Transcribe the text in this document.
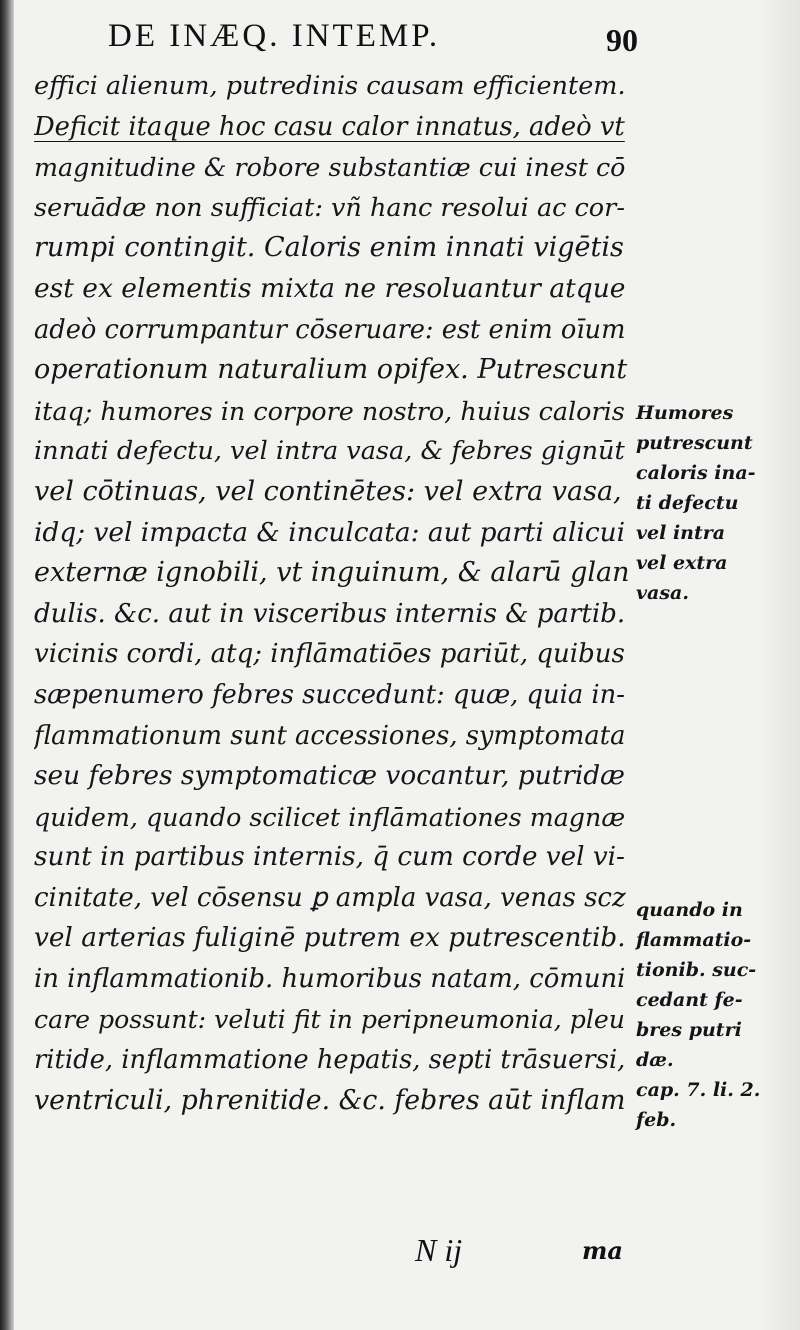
DE INÆQ. INTEMP.	90
effici alienum, putredinis causam efficientem.
Deficit itaque hoc casu calor innatus, adeò vt
magnitudine & robore substantiæ cui inest cō
seruādæ non sufficiat: vñ hanc resolui ac cor-
rumpi contingit. Caloris enim innati vigētis
est ex elementis mixta ne resoluantur atque
adeò corrumpantur cōseruare: est enim oīum
operationum naturalium opifex. Putrescunt
itaq; humores in corpore nostro, huius caloris
innati defectu, vel intra vasa, & febres gignūt
vel cōtinuas, vel continētes: vel extra vasa,
idq; vel impacta & inculcata: aut parti alicui
externæ ignobili, vt inguinum, & alarū glan
dulis. &c. aut in visceribus internis & partib.
vicinis cordi, atq; inflāmatiōes pariūt, quibus
sæpenumero febres succedunt: quæ, quia in-
flammationum sunt accessiones, symptomata
seu febres symptomaticæ vocantur, putridæ
quidem, quando scilicet inflāmationes magnæ
sunt in partibus internis, q̄ cum corde vel vi-
cinitate, vel cōsensu ꝑ ampla vasa, venas scz
vel arterias fuliginē putrem ex putrescentib.
in inflammationib. humoribus natam, cōmuni
care possunt: veluti fit in peripneumonia, pleu
ritide, inflammatione hepatis, septi trāsuersi,
ventriculi, phrenitide. &c. febres aūt inflam
Humores
putrescunt
caloris ina-
ti defectu
vel intra
vel extra
vasa.
quando in
flammatio-
tionib. suc-
cedant fe-
bres putri
dæ.
cap. 7. li. 2.
feb.
N ij	ma
